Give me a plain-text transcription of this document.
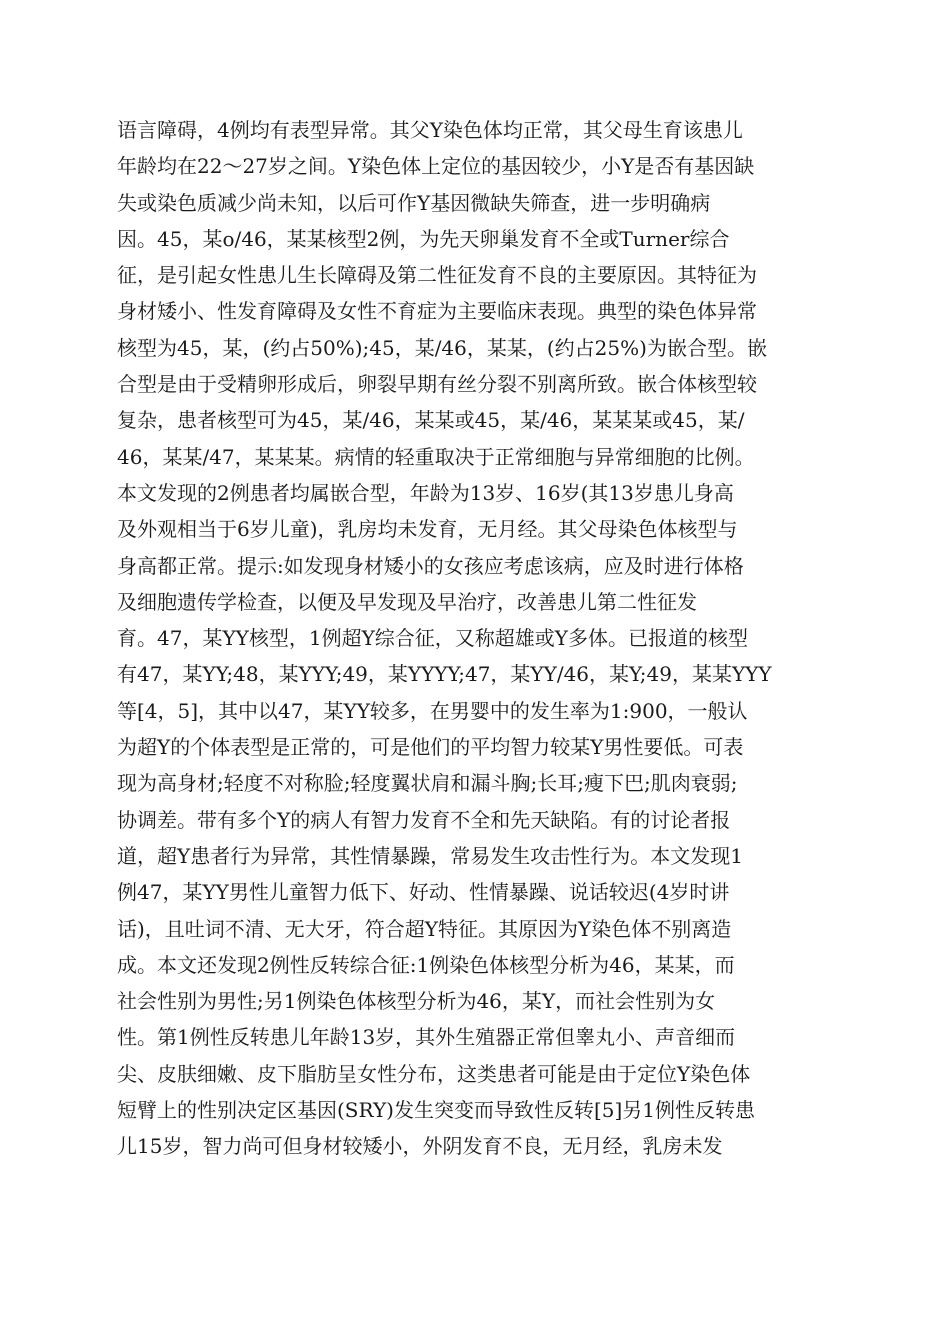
语言障碍，4例均有表型异常。其父Y染色体均正常，其父母生育该患儿
年龄均在22～27岁之间。Y染色体上定位的基因较少，小Y是否有基因缺
失或染色质减少尚未知，以后可作Y基因微缺失筛查，进一步明确病
因。45，某o/46，某某核型2例，为先天卵巢发育不全或Turner综合
征，是引起女性患儿生长障碍及第二性征发育不良的主要原因。其特征为
身材矮小、性发育障碍及女性不育症为主要临床表现。典型的染色体异常
核型为45，某，(约占50%);45，某/46，某某，(约占25%)为嵌合型。嵌
合型是由于受精卵形成后，卵裂早期有丝分裂不别离所致。嵌合体核型较
复杂，患者核型可为45，某/46，某某或45，某/46，某某某或45，某/
46，某某/47，某某某。病情的轻重取决于正常细胞与异常细胞的比例。
本文发现的2例患者均属嵌合型，年龄为13岁、16岁(其13岁患儿身高
及外观相当于6岁儿童)，乳房均未发育，无月经。其父母染色体核型与
身高都正常。提示:如发现身材矮小的女孩应考虑该病，应及时进行体格
及细胞遗传学检查，以便及早发现及早治疗，改善患儿第二性征发
育。47，某YY核型，1例超Y综合征，又称超雄或Y多体。已报道的核型
有47，某YY;48，某YYY;49，某YYYY;47，某YY/46，某Y;49，某某YYY
等[4，5]，其中以47，某YY较多，在男婴中的发生率为1:900，一般认
为超Y的个体表型是正常的，可是他们的平均智力较某Y男性要低。可表
现为高身材;轻度不对称脸;轻度翼状肩和漏斗胸;长耳;瘦下巴;肌肉衰弱;
协调差。带有多个Y的病人有智力发育不全和先天缺陷。有的讨论者报
道，超Y患者行为异常，其性情暴躁，常易发生攻击性行为。本文发现1
例47，某YY男性儿童智力低下、好动、性情暴躁、说话较迟(4岁时讲
话)，且吐词不清、无大牙，符合超Y特征。其原因为Y染色体不别离造
成。本文还发现2例性反转综合征:1例染色体核型分析为46，某某，而
社会性别为男性;另1例染色体核型分析为46，某Y，而社会性别为女
性。第1例性反转患儿年龄13岁，其外生殖器正常但睾丸小、声音细而
尖、皮肤细嫩、皮下脂肪呈女性分布，这类患者可能是由于定位Y染色体
短臂上的性别决定区基因(SRY)发生突变而导致性反转[5]另1例性反转患
儿15岁，智力尚可但身材较矮小，外阴发育不良，无月经，乳房未发
